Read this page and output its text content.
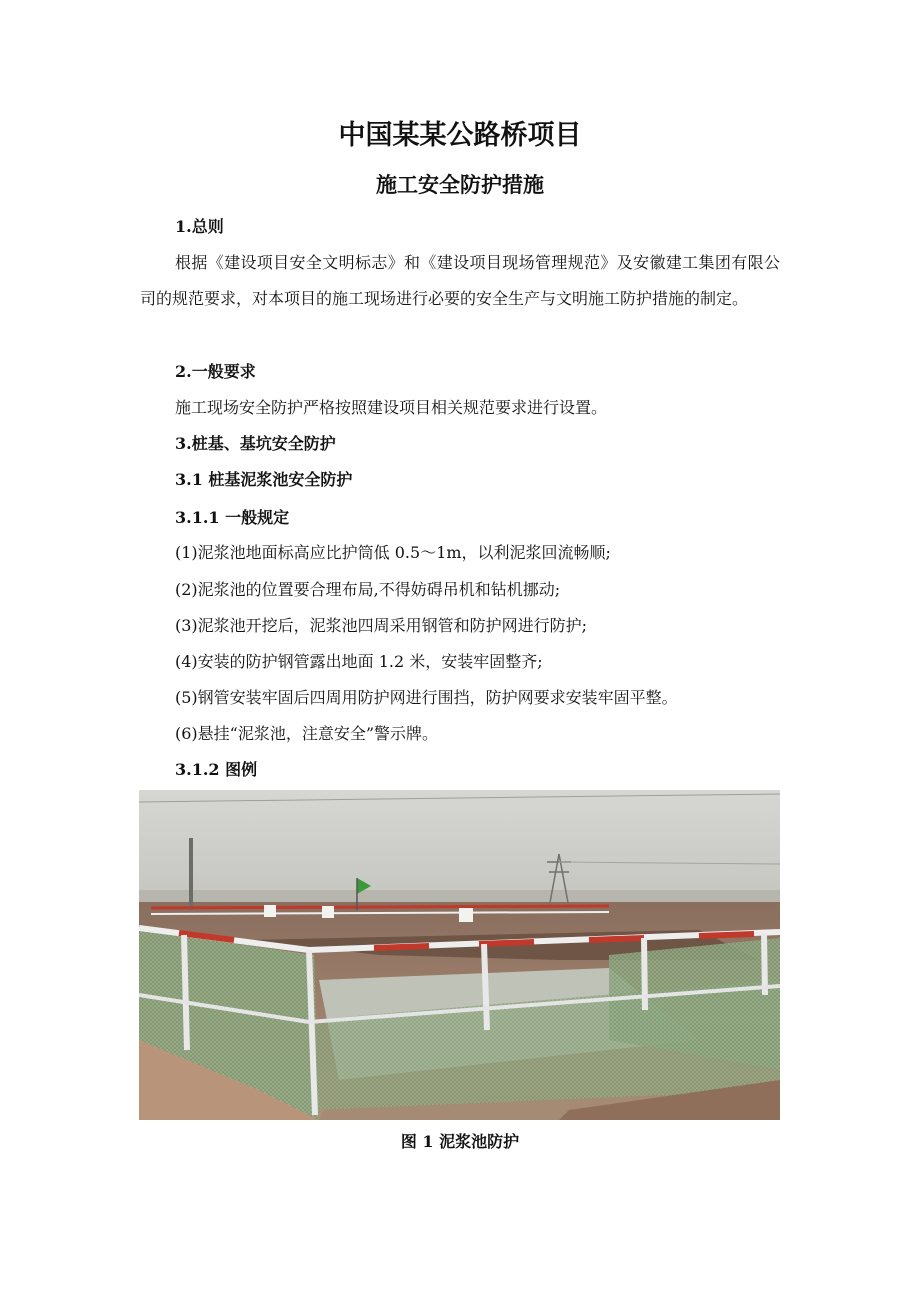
中国某某公路桥项目
施工安全防护措施
1.总则
根据《建设项目安全文明标志》和《建设项目现场管理规范》及安徽建工集团有限公司的规范要求，对本项目的施工现场进行必要的安全生产与文明施工防护措施的制定。
2.一般要求
施工现场安全防护严格按照建设项目相关规范要求进行设置。
3.桩基、基坑安全防护
3.1 桩基泥浆池安全防护
3.1.1 一般规定
(1)泥浆池地面标高应比护筒低 0.5～1m，以利泥浆回流畅顺;
(2)泥浆池的位置要合理布局,不得妨碍吊机和钻机挪动;
(3)泥浆池开挖后，泥浆池四周采用钢管和防护网进行防护;
(4)安装的防护钢管露出地面 1.2 米，安装牢固整齐;
(5)钢管安装牢固后四周用防护网进行围挡，防护网要求安装牢固平整。
(6)悬挂“泥浆池，注意安全”警示牌。
3.1.2 图例
图 1 泥浆池防护
